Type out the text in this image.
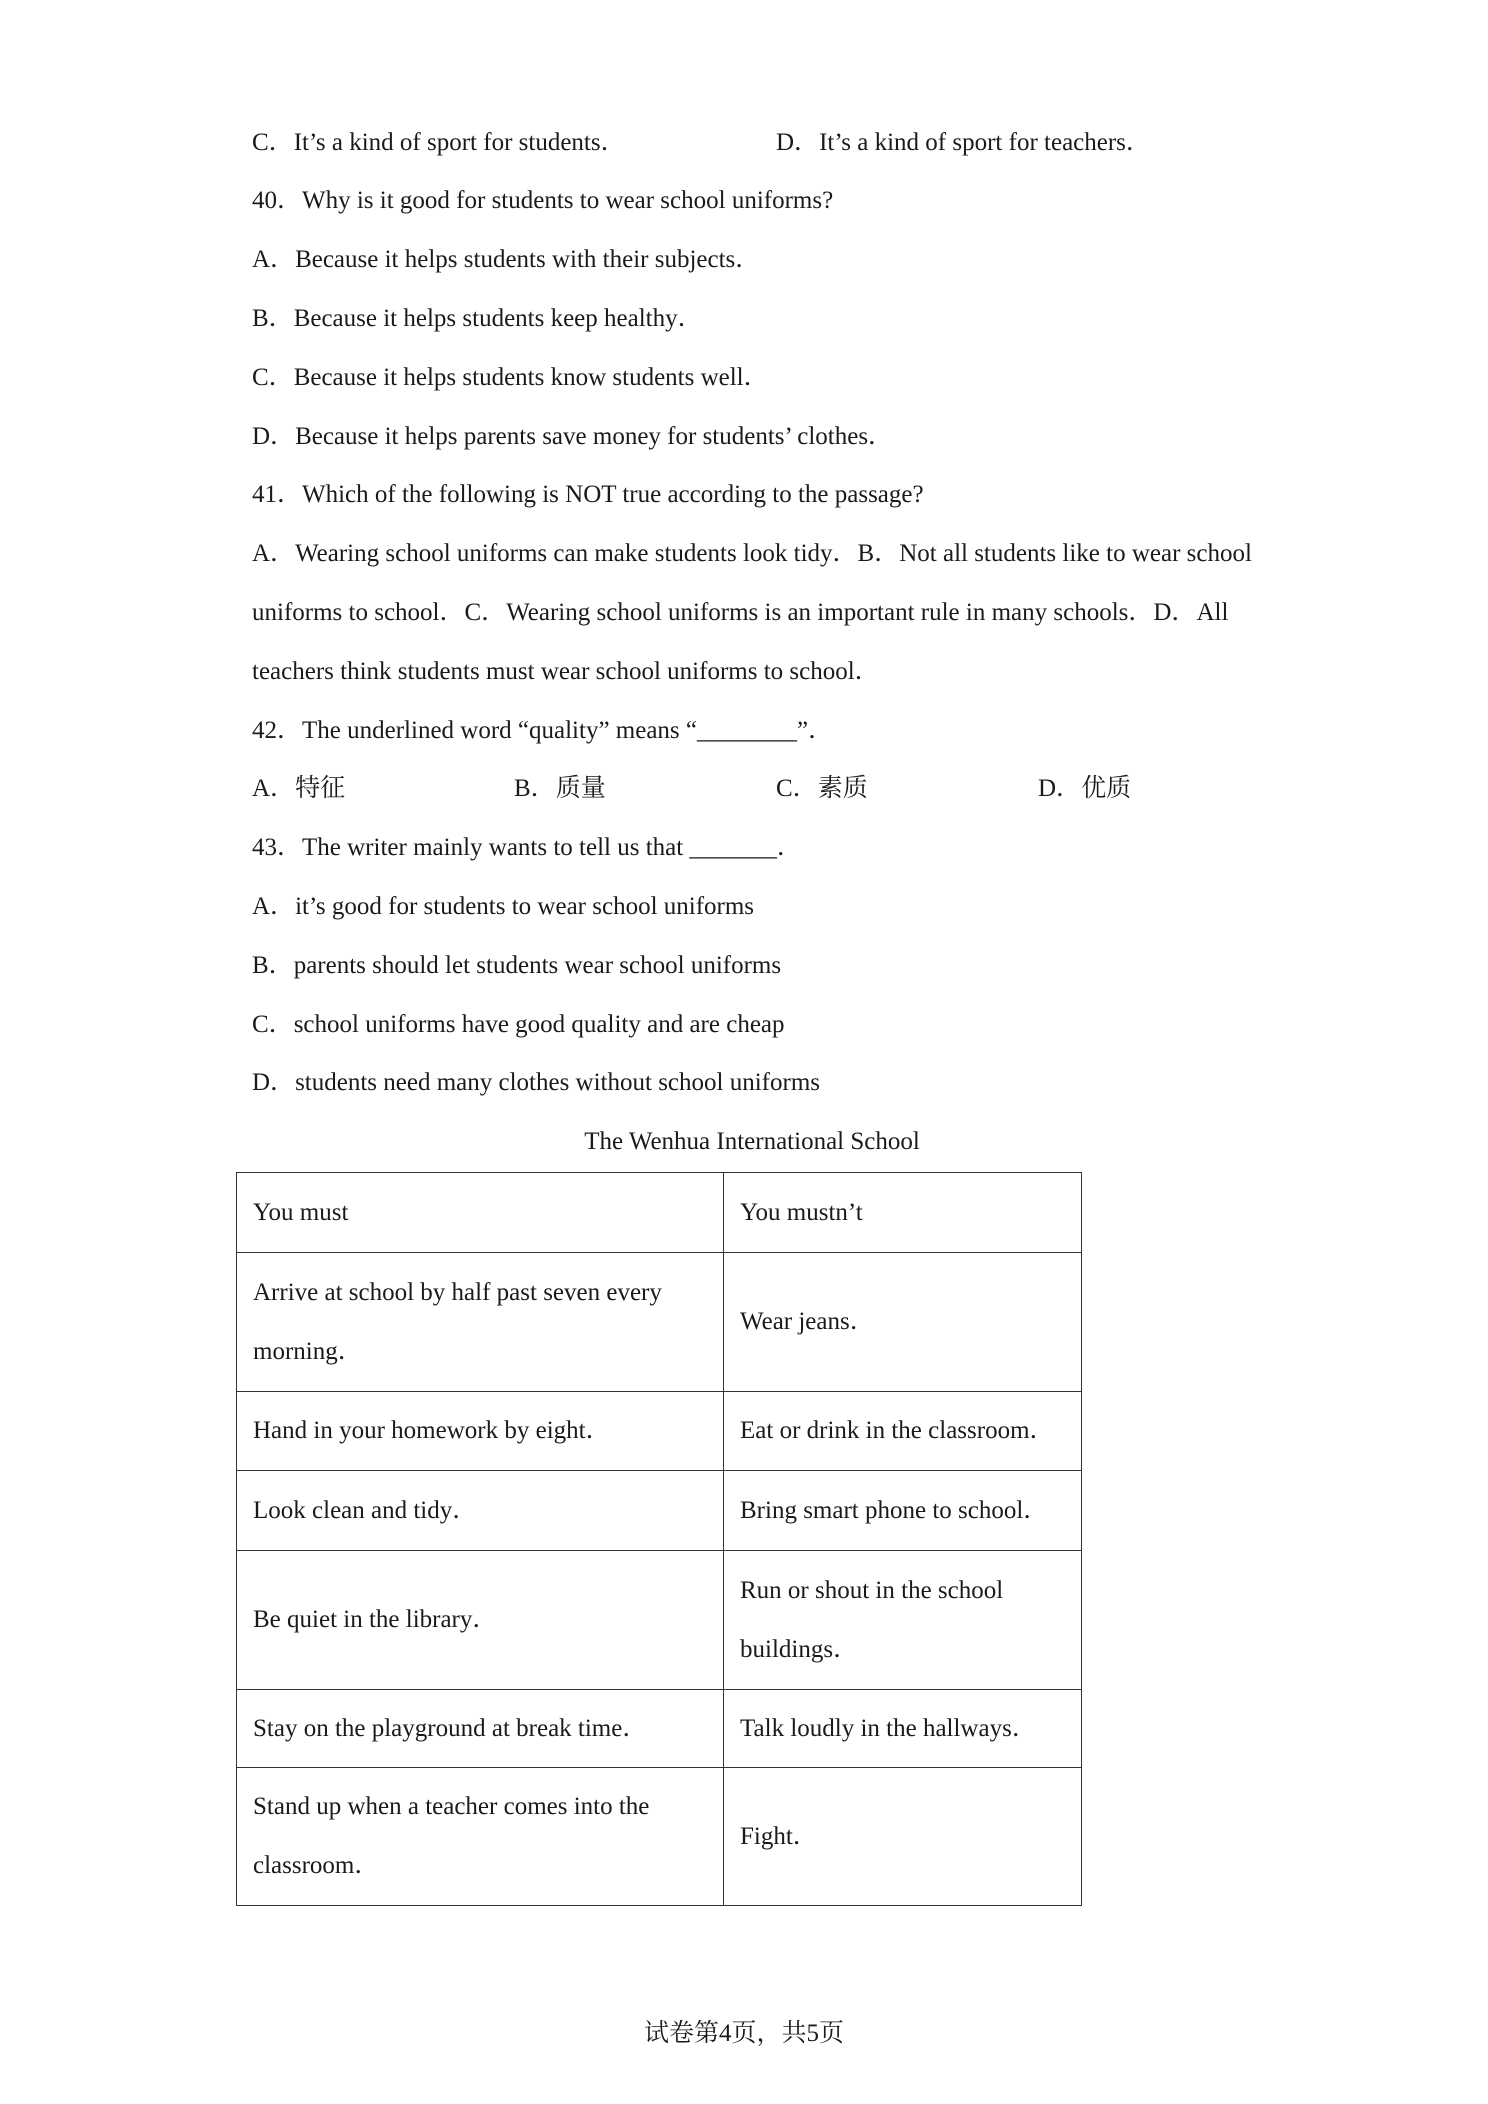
C．It’s a kind of sport for students．	D．It’s a kind of sport for teachers．
40．Why is it good for students to wear school uniforms?
A．Because it helps students with their subjects．
B．Because it helps students keep healthy．
C．Because it helps students know students well．
D．Because it helps parents save money for students’ clothes．
41．Which of the following is NOT true according to the passage?
A．Wearing school uniforms can make students look tidy．B．Not all students like to wear school uniforms to school．C．Wearing school uniforms is an important rule in many schools．D．All teachers think students must wear school uniforms to school．
42．The underlined word “quality” means “________”．
A．特征	B．质量	C．素质	D．优质
43．The writer mainly wants to tell us that _______．
A．it’s good for students to wear school uniforms
B．parents should let students wear school uniforms
C．school uniforms have good quality and are cheap
D．students need many clothes without school uniforms
The Wenhua International School
You must	You mustn’t
Arrive at school by half past seven every morning．	Wear jeans．
Hand in your homework by eight．	Eat or drink in the classroom．
Look clean and tidy．	Bring smart phone to school．
Be quiet in the library．	Run or shout in the school buildings．
Stay on the playground at break time．	Talk loudly in the hallways．
Stand up when a teacher comes into the classroom．	Fight．
试卷第4页，共5页
